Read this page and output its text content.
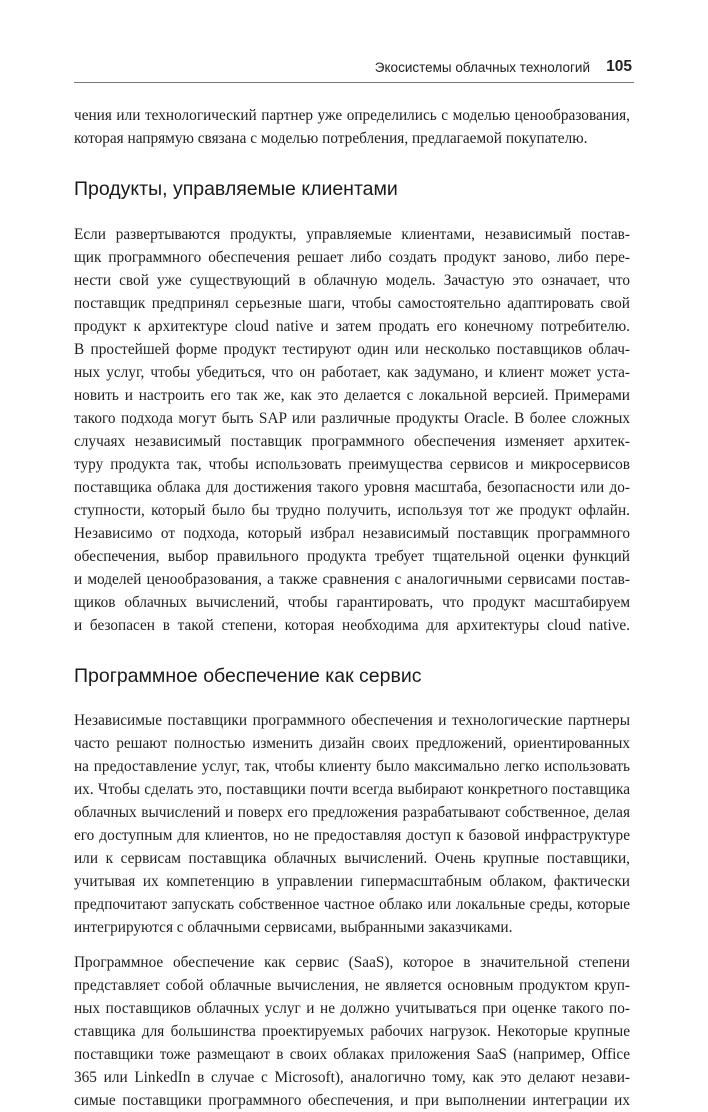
Экосистемы облачных технологий 105
чения или технологический партнер уже определились с моделью ценообразования,
которая напрямую связана с моделью потребления, предлагаемой покупателю.
Продукты, управляемые клиентами
Если развертываются продукты, управляемые клиентами, независимый постав-
щик программного обеспечения решает либо создать продукт заново, либо пере-
нести свой уже существующий в облачную модель. Зачастую это означает, что
поставщик предпринял серьезные шаги, чтобы самостоятельно адаптировать свой
продукт к архитектуре cloud native и затем продать его конечному потребителю.
В простейшей форме продукт тестируют один или несколько поставщиков облач-
ных услуг, чтобы убедиться, что он работает, как задумано, и клиент может уста-
новить и настроить его так же, как это делается с локальной версией. Примерами
такого подхода могут быть SAP или различные продукты Oracle. В более сложных
случаях независимый поставщик программного обеспечения изменяет архитек-
туру продукта так, чтобы использовать преимущества сервисов и микросервисов
поставщика облака для достижения такого уровня масштаба, безопасности или до-
ступности, который было бы трудно получить, используя тот же продукт офлайн.
Независимо от подхода, который избрал независимый поставщик программного
обеспечения, выбор правильного продукта требует тщательной оценки функций
и моделей ценообразования, а также сравнения с аналогичными сервисами постав-
щиков облачных вычислений, чтобы гарантировать, что продукт масштабируем
и безопасен в такой степени, которая необходима для архитектуры cloud native.
Программное обеспечение как сервис
Независимые поставщики программного обеспечения и технологические партнеры
часто решают полностью изменить дизайн своих предложений, ориентированных
на предоставление услуг, так, чтобы клиенту было максимально легко использовать
их. Чтобы сделать это, поставщики почти всегда выбирают конкретного поставщика
облачных вычислений и поверх его предложения разрабатывают собственное, делая
его доступным для клиентов, но не предоставляя доступ к базовой инфраструктуре
или к сервисам поставщика облачных вычислений. Очень крупные поставщики,
учитывая их компетенцию в управлении гипермасштабным облаком, фактически
предпочитают запускать собственное частное облако или локальные среды, которые
интегрируются с облачными сервисами, выбранными заказчиками.
Программное обеспечение как сервис (SaaS), которое в значительной степени
представляет собой облачные вычисления, не является основным продуктом круп-
ных поставщиков облачных услуг и не должно учитываться при оценке такого по-
ставщика для большинства проектируемых рабочих нагрузок. Некоторые крупные
поставщики тоже размещают в своих облаках приложения SaaS (например, Office
365 или LinkedIn в случае с Microsoft), аналогично тому, как это делают незави-
симые поставщики программного обеспечения, и при выполнении интеграции их
